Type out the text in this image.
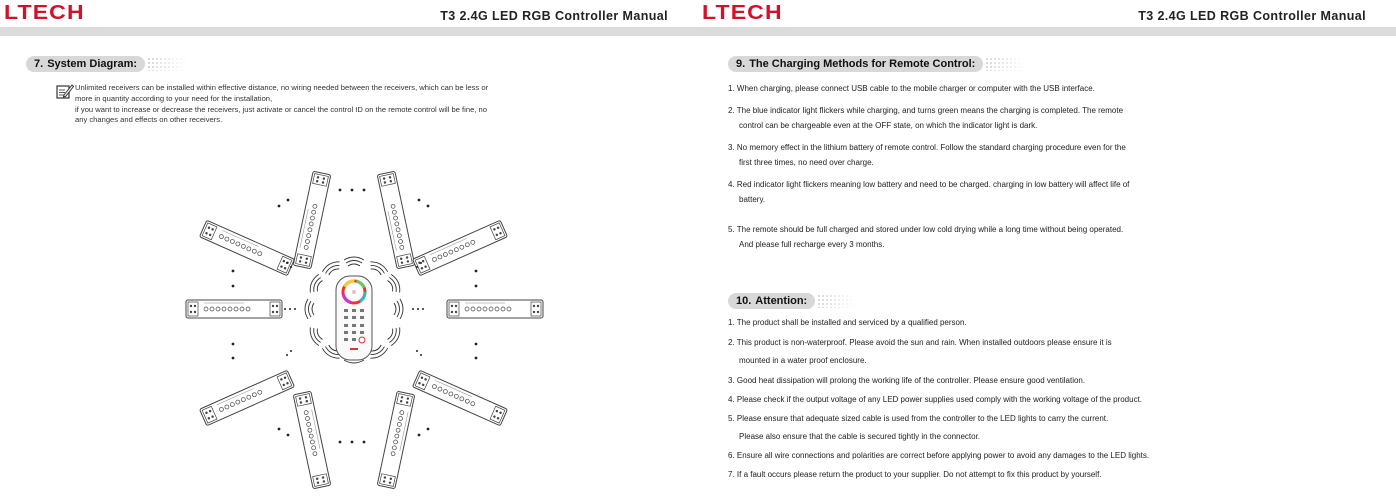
LTECH	T3 2.4G LED RGB Controller Manual
7. System Diagram:
Unlimited receivers can be installed within effective distance, no wiring needed between the receivers, which can be less or
more in quantity according to your need for the installation,
if you want to increase or decrease the receivers, just activate or cancel the control ID on the remote control will be fine, no
any changes and effects on other receivers.
LTECH	T3 2.4G LED RGB Controller Manual
9. The Charging Methods for Remote Control:
1. When charging, please connect USB cable to the mobile charger or computer with the USB interface.
2. The blue indicator light flickers while charging, and turns green means the charging is completed. The remote
control can be chargeable even at the OFF state, on which the indicator light is dark.
3. No memory effect in the lithium battery of remote control. Follow the standard charging procedure even for the
first three times, no need over charge.
4. Red indicator light flickers meaning low battery and need to be charged. charging in low battery will affect life of
battery.
5. The remote should be full charged and stored under low cold drying while a long time without being operated.
And please full recharge every 3 months.
10. Attention:
1. The product shall be installed and serviced by a qualified person.
2. This product is non-waterproof. Please avoid the sun and rain. When installed outdoors please ensure it is
mounted in a water proof enclosure.
3. Good heat dissipation will prolong the working life of the controller. Please ensure good ventilation.
4. Please check if the output voltage of any LED power supplies used comply with the working voltage of the product.
5. Please ensure that adequate sized cable is used from the controller to the LED lights to carry the current.
Please also ensure that the cable is secured tightly in the connector.
6. Ensure all wire connections and polarities are correct before applying power to avoid any damages to the LED lights.
7. If a fault occurs please return the product to your supplier. Do not attempt to fix this product by yourself.
